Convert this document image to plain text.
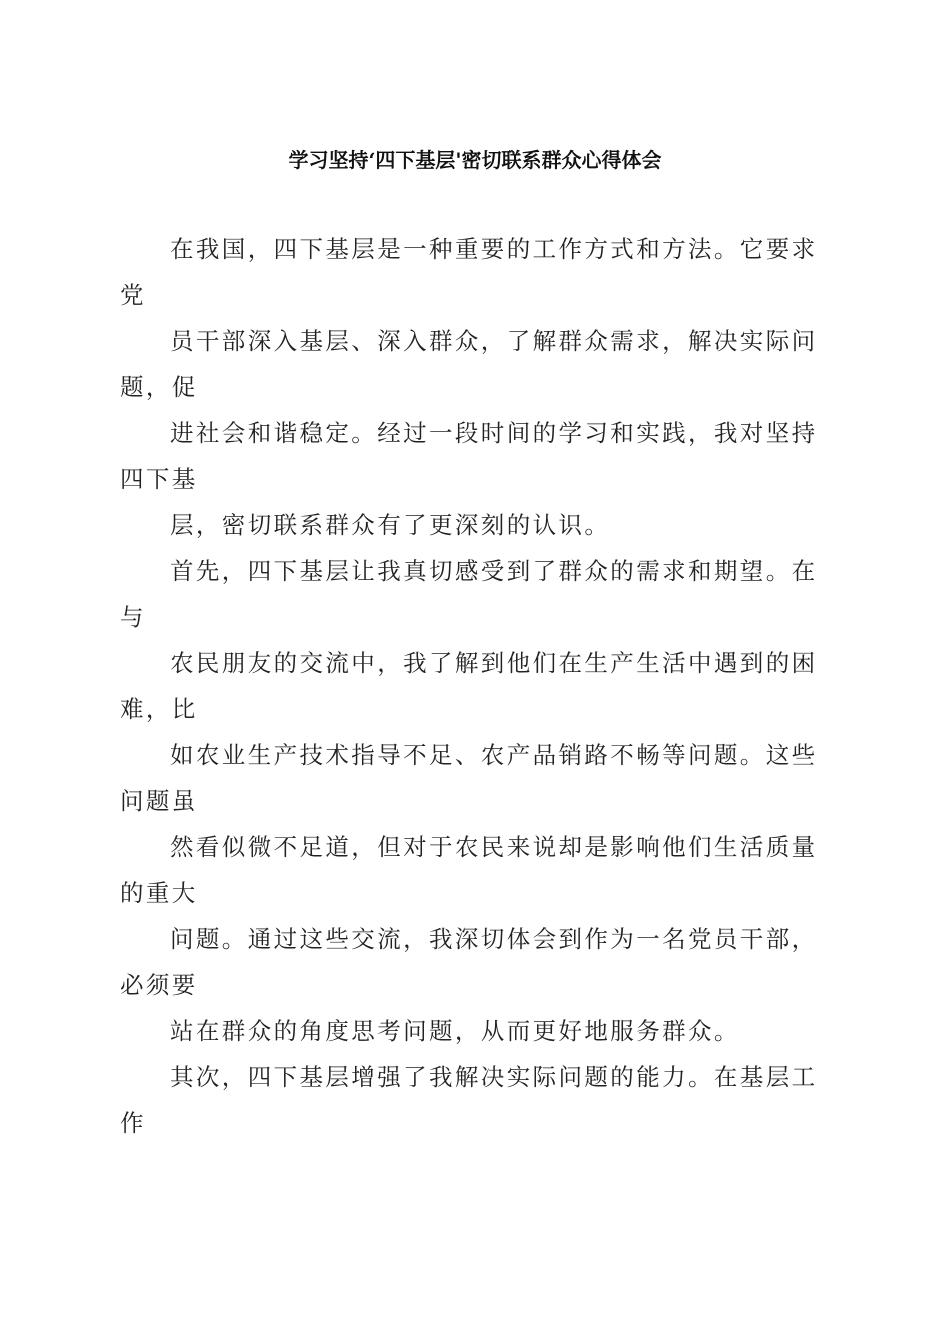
学习坚持‘四下基层'密切联系群众心得体会
在我国，四下基层是一种重要的工作方式和方法。它要求
党
员干部深入基层、深入群众，了解群众需求，解决实际问
题，促
进社会和谐稳定。经过一段时间的学习和实践，我对坚持
四下基
层，密切联系群众有了更深刻的认识。
首先，四下基层让我真切感受到了群众的需求和期望。在
与
农民朋友的交流中，我了解到他们在生产生活中遇到的困
难，比
如农业生产技术指导不足、农产品销路不畅等问题。这些
问题虽
然看似微不足道，但对于农民来说却是影响他们生活质量
的重大
问题。通过这些交流，我深切体会到作为一名党员干部，
必须要
站在群众的角度思考问题，从而更好地服务群众。
其次，四下基层增强了我解决实际问题的能力。在基层工
作
